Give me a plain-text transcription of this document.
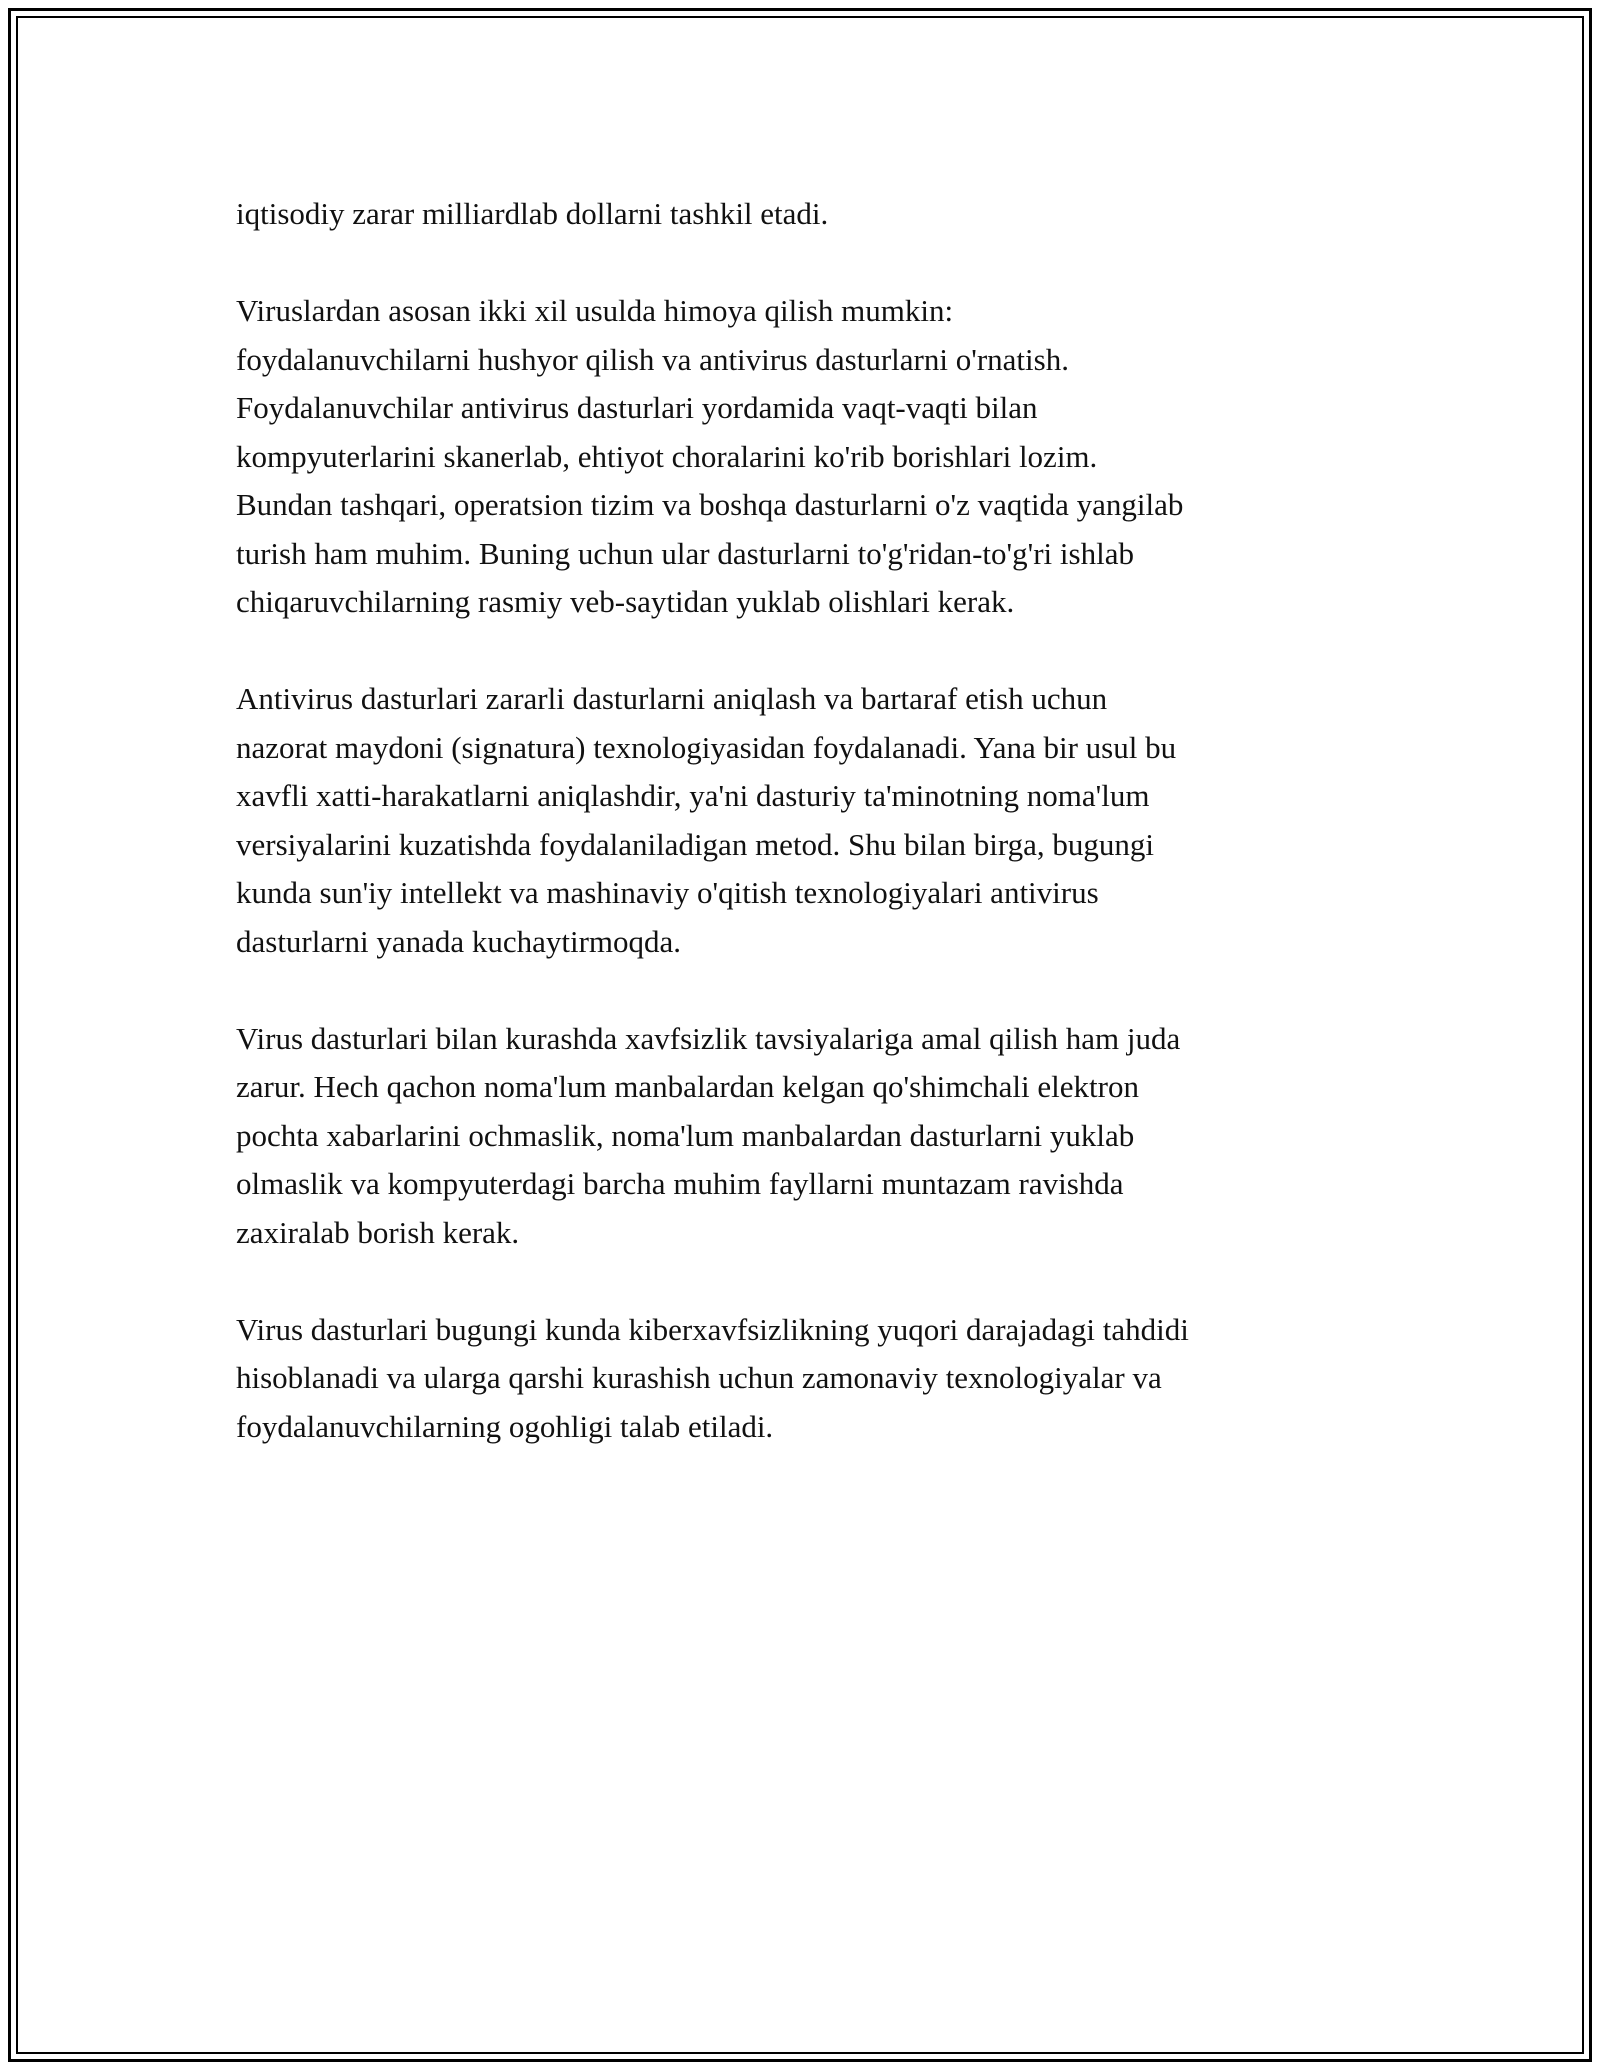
iqtisodiy zarar milliardlab dollarni tashkil etadi.

Viruslardan asosan ikki xil usulda himoya qilish mumkin:
foydalanuvchilarni hushyor qilish va antivirus dasturlarni o'rnatish.
Foydalanuvchilar antivirus dasturlari yordamida vaqt-vaqti bilan
kompyuterlarini skanerlab, ehtiyot choralarini ko'rib borishlari lozim.
Bundan tashqari, operatsion tizim va boshqa dasturlarni o'z vaqtida yangilab
turish ham muhim. Buning uchun ular dasturlarni to'g'ridan-to'g'ri ishlab
chiqaruvchilarning rasmiy veb-saytidan yuklab olishlari kerak.

Antivirus dasturlari zararli dasturlarni aniqlash va bartaraf etish uchun
nazorat maydoni (signatura) texnologiyasidan foydalanadi. Yana bir usul bu
xavfli xatti-harakatlarni aniqlashdir, ya'ni dasturiy ta'minotning noma'lum
versiyalarini kuzatishda foydalaniladigan metod. Shu bilan birga, bugungi
kunda sun'iy intellekt va mashinaviy o'qitish texnologiyalari antivirus
dasturlarni yanada kuchaytirmoqda.

Virus dasturlari bilan kurashda xavfsizlik tavsiyalariga amal qilish ham juda
zarur. Hech qachon noma'lum manbalardan kelgan qo'shimchali elektron
pochta xabarlarini ochmaslik, noma'lum manbalardan dasturlarni yuklab
olmaslik va kompyuterdagi barcha muhim fayllarni muntazam ravishda
zaxiralab borish kerak.

Virus dasturlari bugungi kunda kiberxavfsizlikning yuqori darajadagi tahdidi
hisoblanadi va ularga qarshi kurashish uchun zamonaviy texnologiyalar va
foydalanuvchilarning ogohligi talab etiladi.
